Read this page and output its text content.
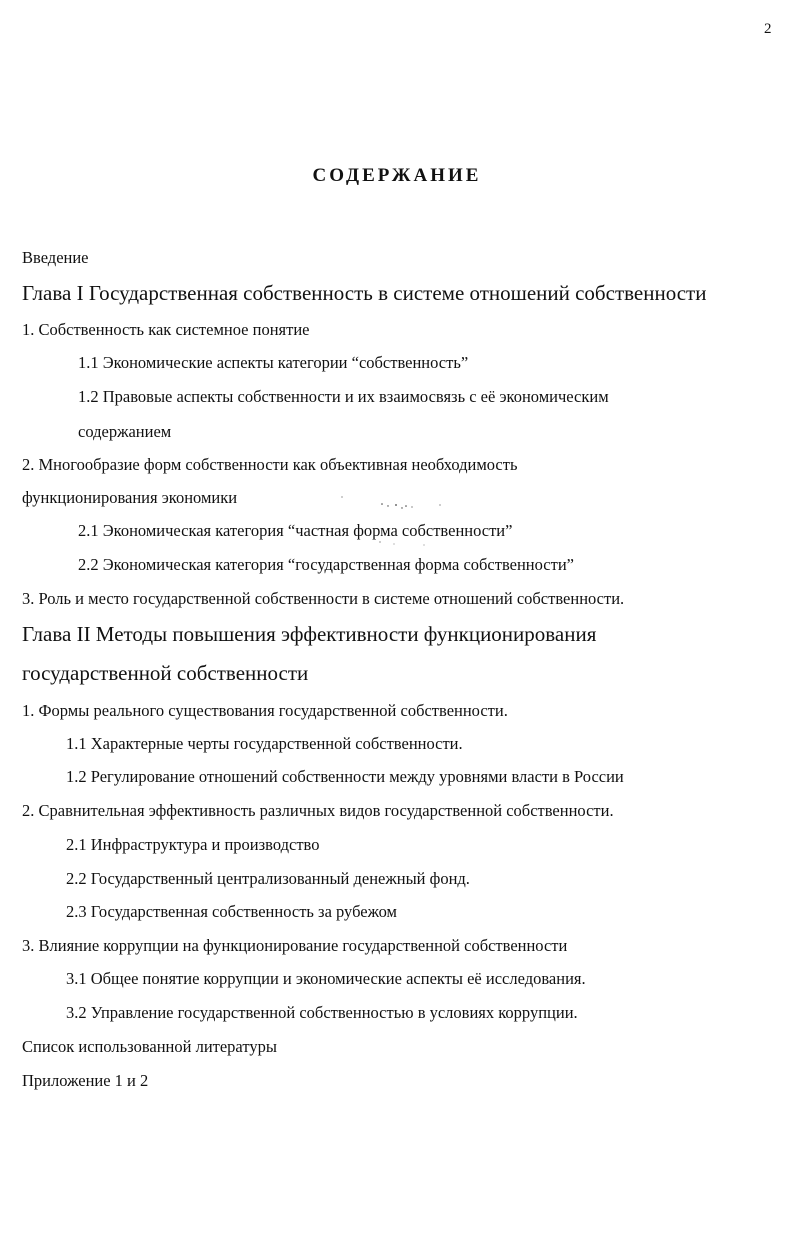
2
СОДЕРЖАНИЕ
Введение
Глава I Государственная собственность в системе отношений собственности
1. Собственность как системное понятие
1.1 Экономические аспекты категории “собственность”
1.2 Правовые аспекты собственности и их взаимосвязь с её экономическим
содержанием
2. Многообразие форм собственности как объективная необходимость
функционирования экономики
2.1 Экономическая категория “частная форма собственности”
2.2 Экономическая категория “государственная форма собственности”
3. Роль и место государственной собственности в системе отношений собственности.
Глава II Методы повышения эффективности функционирования
государственной собственности
1. Формы реального существования государственной собственности.
1.1 Характерные черты государственной собственности.
1.2 Регулирование отношений собственности между уровнями власти в России
2. Сравнительная эффективность различных видов государственной собственности.
2.1 Инфраструктура и производство
2.2 Государственный централизованный денежный фонд.
2.3 Государственная собственность за рубежом
3. Влияние коррупции на функционирование государственной собственности
3.1 Общее понятие коррупции и экономические аспекты её исследования.
3.2 Управление государственной собственностью в условиях коррупции.
Список использованной литературы
Приложение 1 и 2
